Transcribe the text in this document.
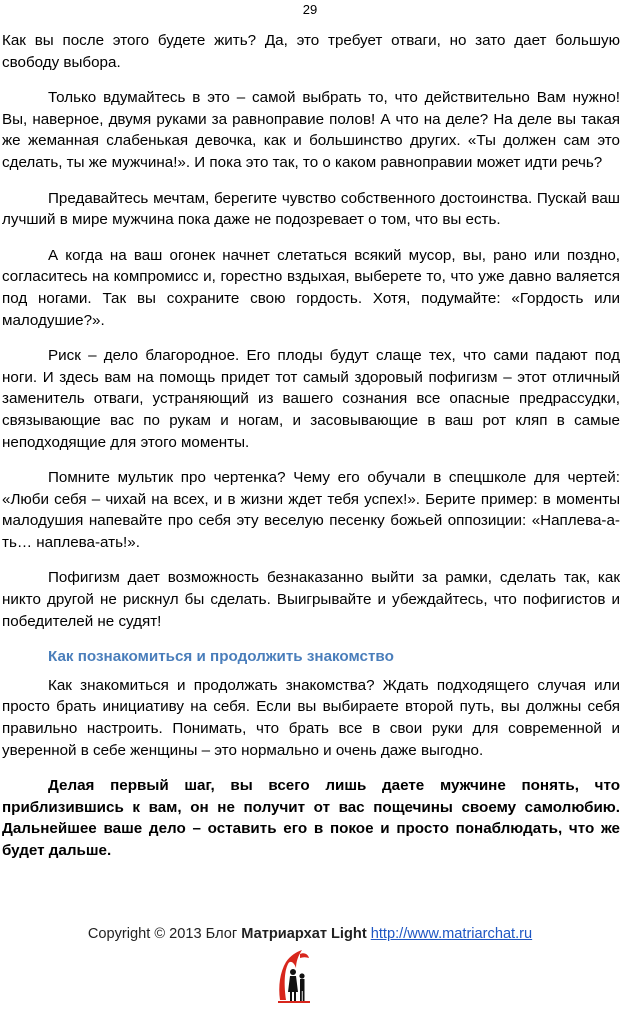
29

Как вы после этого будете жить? Да, это требует отваги, но зато дает большую свободу выбора.

Только вдумайтесь в это – самой выбрать то, что действительно Вам нужно! Вы, наверное, двумя руками за равноправие полов! А что на деле? На деле вы такая же жеманная слабенькая девочка, как и большинство других. «Ты должен сам это сделать, ты же мужчина!». И пока это так, то о каком равноправии может идти речь?

Предавайтесь мечтам, берегите чувство собственного достоинства. Пускай ваш лучший в мире мужчина пока даже не подозревает о том, что вы есть.

А когда на ваш огонек начнет слетаться всякий мусор, вы, рано или поздно, согласитесь на компромисс и, горестно вздыхая, выберете то, что уже давно валяется под ногами. Так вы сохраните свою гордость. Хотя, подумайте: «Гордость или малодушие?».

Риск – дело благородное. Его плоды будут слаще тех, что сами падают под ноги. И здесь вам на помощь придет тот самый здоровый пофигизм – этот отличный заменитель отваги, устраняющий из вашего сознания все опасные предрассудки, связывающие вас по рукам и ногам, и засовывающие в ваш рот кляп в самые неподходящие для этого моменты.

Помните мультик про чертенка? Чему его обучали в спецшколе для чертей: «Люби себя – чихай на всех, и в жизни ждет тебя успех!». Берите пример: в моменты малодушия напевайте про себя эту веселую песенку божьей оппозиции: «Наплева-а-ть… наплева-ать!».

Пофигизм дает возможность безнаказанно выйти за рамки, сделать так, как никто другой не рискнул бы сделать. Выигрывайте и убеждайтесь, что пофигистов и победителей не судят!

Как познакомиться и продолжить знакомство

Как знакомиться и продолжать знакомства? Ждать подходящего случая или просто брать инициативу на себя. Если вы выбираете второй путь, вы должны себя правильно настроить. Понимать, что брать все в свои руки для современной и уверенной в себе женщины – это нормально и очень даже выгодно.

Делая первый шаг, вы всего лишь даете мужчине понять, что приблизившись к вам, он не получит от вас пощечины своему самолюбию. Дальнейшее ваше дело – оставить его в покое и просто понаблюдать, что же будет дальше.

Copyright © 2013 Блог Матриархат Light http://www.matriarchat.ru
